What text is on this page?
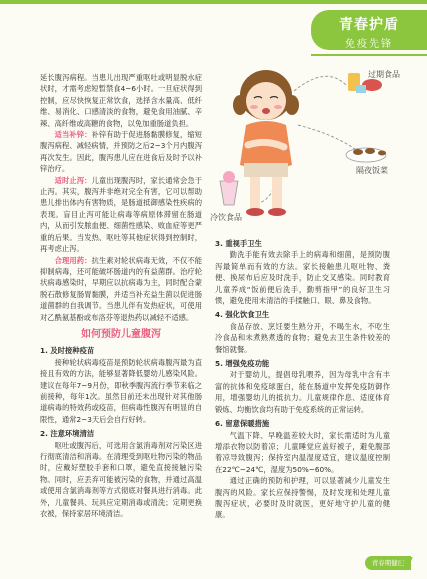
青春护盾
免疫先锋

延长腹泻病程。当患儿出现严重呕吐或明显脱水症状时，才需考虑短暂禁食4~6小时。一旦症状得到控制，应尽快恢复正常饮食，选择含水量高、低纤维、易消化、口感清淡的食物，避免食用油腻、辛辣、高纤维或高糖的食物，以免加重肠道负担。

适当补锌：补锌有助于促进肠黏膜修复，缩短腹泻病程、减轻病情，并预防之后2~3个月内腹泻再次发生。因此，腹泻患儿应在进食后及时予以补锌治疗。

适时止泻：儿童出现腹泻时，家长通常会急于止泻。其实，腹泻并非绝对完全有害，它可以帮助患儿排出体内有害物质，是肠道抵御感染性疾病的表现。盲目止泻可能让病毒等病原体滞留在肠道内，从而引发脓血便、细菌性感染、败血症等更严重的后果。当发热、呕吐等其他症状得到控制时，再考虑止泻。

合理用药：抗生素对轮状病毒无效，不仅不能抑制病毒，还可能破坏肠道内的有益菌群。治疗轮状病毒感染时，早期应以抗病毒为主，同时配合蒙脱石散修复肠胃黏膜，并适当补充益生菌以促进肠道菌群的自我调节。当患儿伴有发热症状，可使用对乙酰氨基酚或布洛芬等退热药以减轻不适感。

如何预防儿童腹泻

1. 及时接种疫苗

接种轮状病毒疫苗是预防轮状病毒腹泻最为直接且有效的方法，能够显著降低婴幼儿感染风险。建议在每年7~9月份，即秋季腹泻流行季节来临之前接种，每年1次。虽然目前还未出现针对其他肠道病毒的特效药或疫苗，但病毒性腹泻有明显的自限性，通常2~3天后会自行好转。

2. 注意环境清洁

呕吐或腹泻后，可选用含氯消毒剂对污染区进行彻底清洁和消毒。在清理受到呕吐物污染的物品时，应戴好塑胶手套和口罩，避免直接接触污染物。同时，应丢弃可能被污染的食物，并通过高温或使用含氯消毒剂等方式彻底对餐具进行消毒。此外，儿童餐具、玩具应定期消毒或清洗；定期更换衣被，保持家居环境清洁。

过期食品
隔夜饭菜
冷饮食品

3. 重视手卫生

勤洗手能有效去除手上的病毒和细菌，是预防腹泻最简单而有效的方法。家长接触患儿呕吐物、粪便、换尿布后应及时洗手，防止交叉感染。同时教育儿童养成“饭前便后洗手，勤剪指甲”的良好卫生习惯，避免使用未清洁的手揉触口、眼、鼻及食物。

4. 强化饮食卫生

食品存放、烹饪要生熟分开，不喝生水，不吃生冷食品和未煮熟煮透的食物；避免去卫生条件较差的餐馆就餐。

5. 增强免疫功能

对于婴幼儿，提倡母乳喂养，因为母乳中含有丰富的抗体和免疫球蛋白，能在肠道中发挥免疫防御作用，增强婴幼儿的抵抗力。儿童规律作息、适度体育锻炼、均衡饮食均有助于免疫系统的正常运转。

6. 留意保暖措施

气温下降、早晚温差较大时，家长需适时为儿童增添衣物以防着凉；儿童睡觉应盖好被子，避免腹部着凉导致腹泻；保持室内温湿度适宜，建议温度控制在22℃~24℃，湿度为50%~60%。

通过正确的预防和护理，可以显著减少儿童发生腹泻的风险。家长应保持警惕，及时发现和处理儿童腹泻症状，必要时及时就医，更好地守护儿童的健康。

青春期健康
17
